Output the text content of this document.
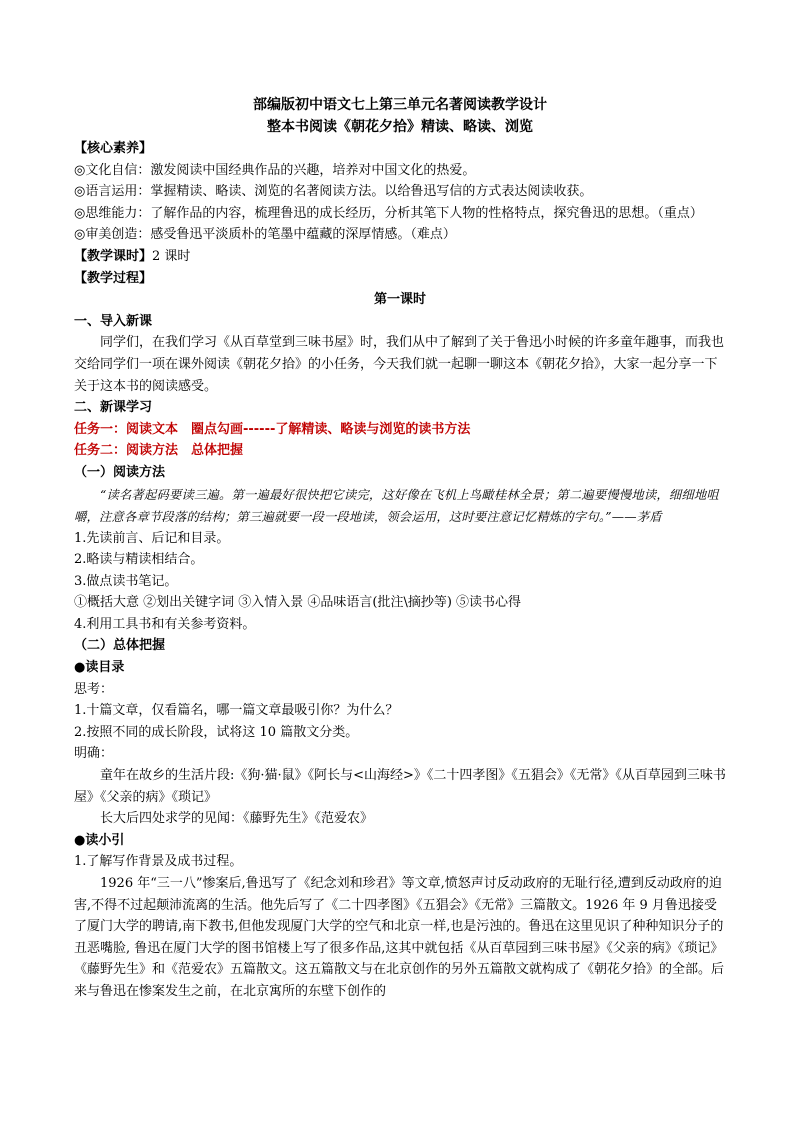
部编版初中语文七上第三单元名著阅读教学设计

整本书阅读《朝花夕拾》精读、略读、浏览

【核心素养】

◎文化自信：激发阅读中国经典作品的兴趣，培养对中国文化的热爱。

◎语言运用：掌握精读、略读、浏览的名著阅读方法。以给鲁迅写信的方式表达阅读收获。

◎思维能力：了解作品的内容，梳理鲁迅的成长经历，分析其笔下人物的性格特点，探究鲁迅的思想。（重点）

◎审美创造：感受鲁迅平淡质朴的笔墨中蕴藏的深厚情感。（难点）

【教学课时】2 课时

【教学过程】

第一课时

一、导入新课

同学们，在我们学习《从百草堂到三味书屋》时，我们从中了解到了关于鲁迅小时候的许多童年趣事，而我也交给同学们一项在课外阅读《朝花夕拾》的小任务，今天我们就一起聊一聊这本《朝花夕拾》，大家一起分享一下关于这本书的阅读感受。

二、新课学习

任务一：阅读文本　圈点勾画------了解精读、略读与浏览的读书方法

任务二：阅读方法　总体把握

（一）阅读方法

“读名著起码要读三遍。第一遍最好很快把它读完，这好像在飞机上鸟瞰桂林全景；第二遍要慢慢地读，细细地咀嚼，注意各章节段落的结构；第三遍就要一段一段地读，领会运用，这时要注意记忆精炼的字句。”——茅盾

1.先读前言、后记和目录。

2.略读与精读相结合。

3.做点读书笔记。

①概括大意 ②划出关键字词 ③入情入景 ④品味语言(批注\摘抄等) ⑤读书心得

4.利用工具书和有关参考资料。

（二）总体把握

●读目录

思考：

1.十篇文章，仅看篇名，哪一篇文章最吸引你？为什么？

2.按照不同的成长阶段，试将这 10 篇散文分类。

明确：

童年在故乡的生活片段:《狗·猫·鼠》《阿长与<山海经>》《二十四孝图》《五猖会》《无常》《从百草园到三味书屋》《父亲的病》《琐记》

长大后四处求学的见闻：《藤野先生》《范爱农》

●读小引

1.了解写作背景及成书过程。

1926 年“三一八”惨案后,鲁迅写了《纪念刘和珍君》等文章,愤怒声讨反动政府的无耻行径,遭到反动政府的迫害,不得不过起颠沛流离的生活。他先后写了《二十四孝图》《五猖会》《无常》三篇散文。1926 年 9 月鲁迅接受了厦门大学的聘请,南下教书,但他发现厦门大学的空气和北京一样,也是污浊的。鲁迅在这里见识了种种知识分子的丑恶嘴脸, 鲁迅在厦门大学的图书馆楼上写了很多作品,这其中就包括《从百草园到三味书屋》《父亲的病》《琐记》《藤野先生》和《范爱农》五篇散文。这五篇散文与在北京创作的另外五篇散文就构成了《朝花夕拾》的全部。后来与鲁迅在惨案发生之前，在北京寓所的东壁下创作的
